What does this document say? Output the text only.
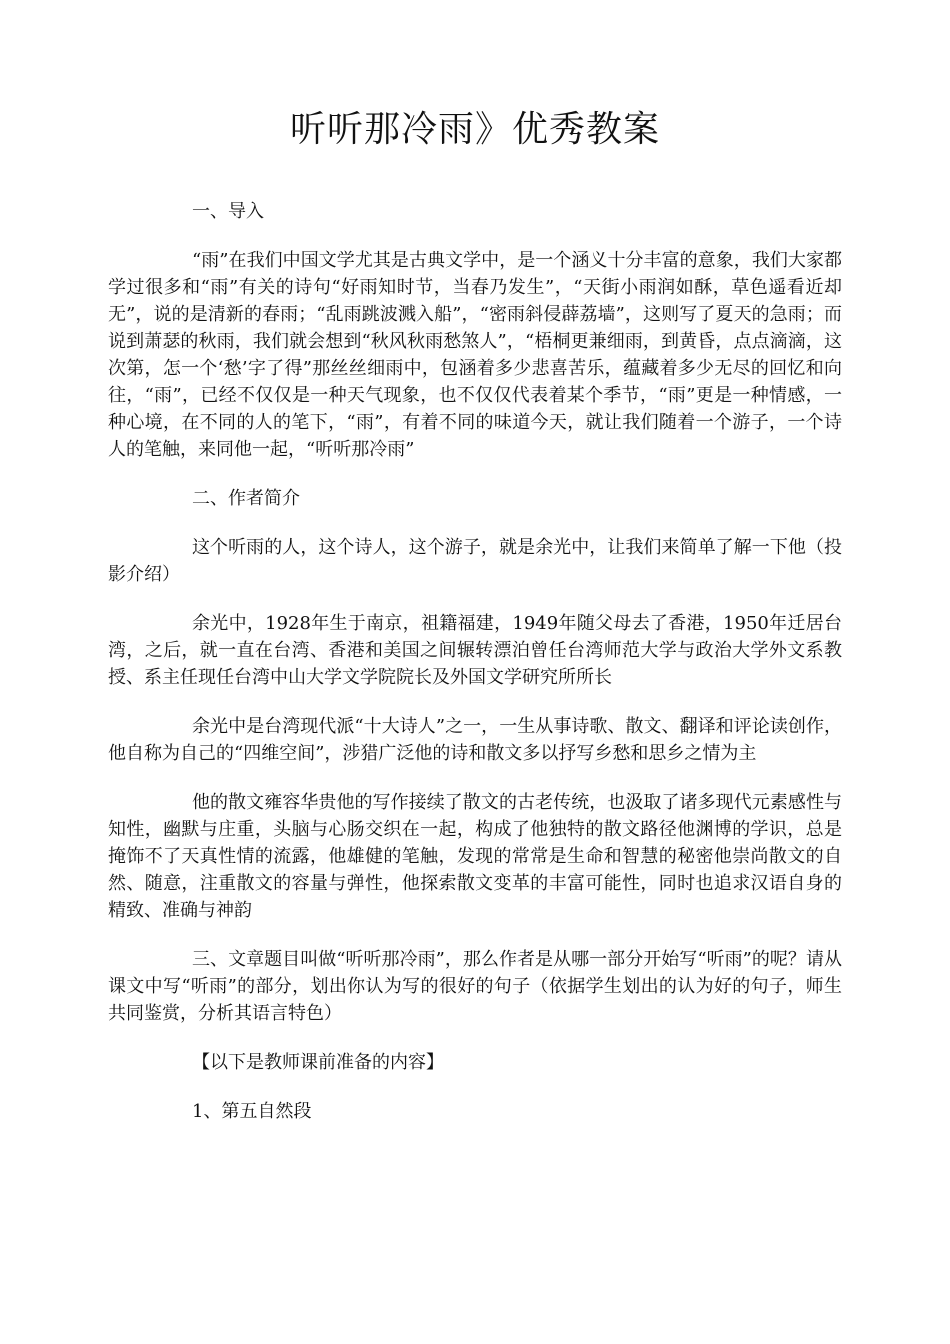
听听那冷雨》优秀教案

一、导入

“雨”在我们中国文学尤其是古典文学中，是一个涵义十分丰富的意象，我们大家都学过很多和“雨”有关的诗句“好雨知时节，当春乃发生”，“天街小雨润如酥，草色遥看近却无”，说的是清新的春雨；“乱雨跳波溅入船”，“密雨斜侵薜荔墙”，这则写了夏天的急雨；而说到萧瑟的秋雨，我们就会想到“秋风秋雨愁煞人”，“梧桐更兼细雨，到黄昏，点点滴滴，这次第，怎一个‘愁’字了得”那丝丝细雨中，包涵着多少悲喜苦乐，蕴藏着多少无尽的回忆和向往，“雨”，已经不仅仅是一种天气现象，也不仅仅代表着某个季节，“雨”更是一种情感，一种心境，在不同的人的笔下，“雨”，有着不同的味道今天，就让我们随着一个游子，一个诗人的笔触，来同他一起，“听听那冷雨”

二、作者简介

这个听雨的人，这个诗人，这个游子，就是余光中，让我们来简单了解一下他（投影介绍）

余光中，1928年生于南京，祖籍福建，1949年随父母去了香港，1950年迁居台湾，之后，就一直在台湾、香港和美国之间辗转漂泊曾任台湾师范大学与政治大学外文系教授、系主任现任台湾中山大学文学院院长及外国文学研究所所长

余光中是台湾现代派“十大诗人”之一，一生从事诗歌、散文、翻译和评论读创作，他自称为自己的“四维空间”，涉猎广泛他的诗和散文多以抒写乡愁和思乡之情为主

他的散文雍容华贵他的写作接续了散文的古老传统，也汲取了诸多现代元素感性与知性，幽默与庄重，头脑与心肠交织在一起，构成了他独特的散文路径他渊博的学识，总是掩饰不了天真性情的流露，他雄健的笔触，发现的常常是生命和智慧的秘密他崇尚散文的自然、随意，注重散文的容量与弹性，他探索散文变革的丰富可能性，同时也追求汉语自身的精致、准确与神韵

三、文章题目叫做“听听那冷雨”，那么作者是从哪一部分开始写“听雨”的呢？请从课文中写“听雨”的部分，划出你认为写的很好的句子（依据学生划出的认为好的句子，师生共同鉴赏，分析其语言特色）

【以下是教师课前准备的内容】

1、第五自然段
